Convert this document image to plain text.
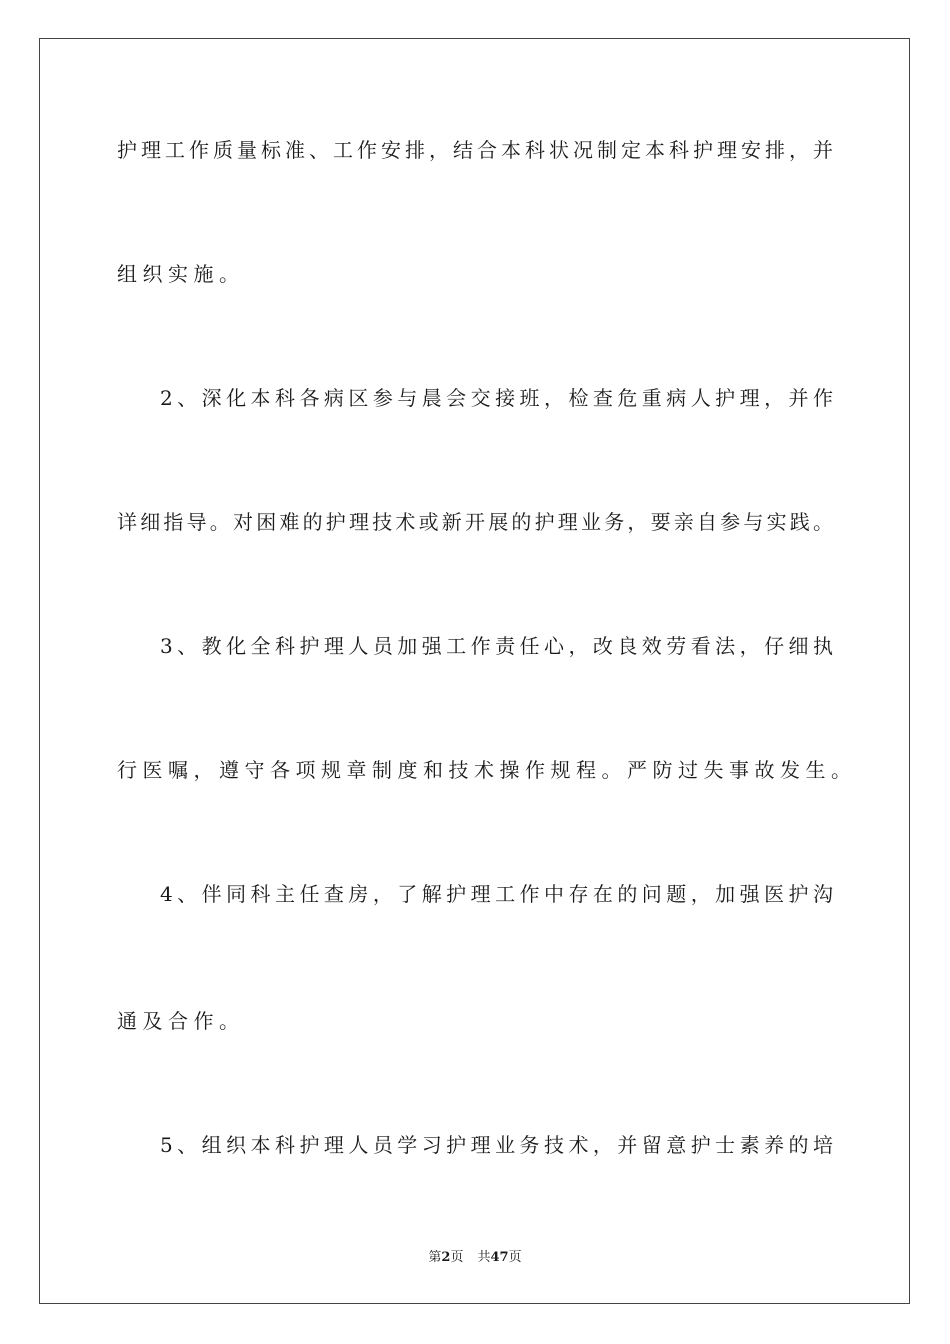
护理工作质量标准、工作安排，结合本科状况制定本科护理安排，并
组织实施。
2、深化本科各病区参与晨会交接班，检查危重病人护理，并作
详细指导。对困难的护理技术或新开展的护理业务，要亲自参与实践。
3、教化全科护理人员加强工作责任心，改良效劳看法，仔细执
行医嘱，遵守各项规章制度和技术操作规程。严防过失事故发生。
4、伴同科主任查房，了解护理工作中存在的问题，加强医护沟
通及合作。
5、组织本科护理人员学习护理业务技术，并留意护士素养的培
第2页 共47页
